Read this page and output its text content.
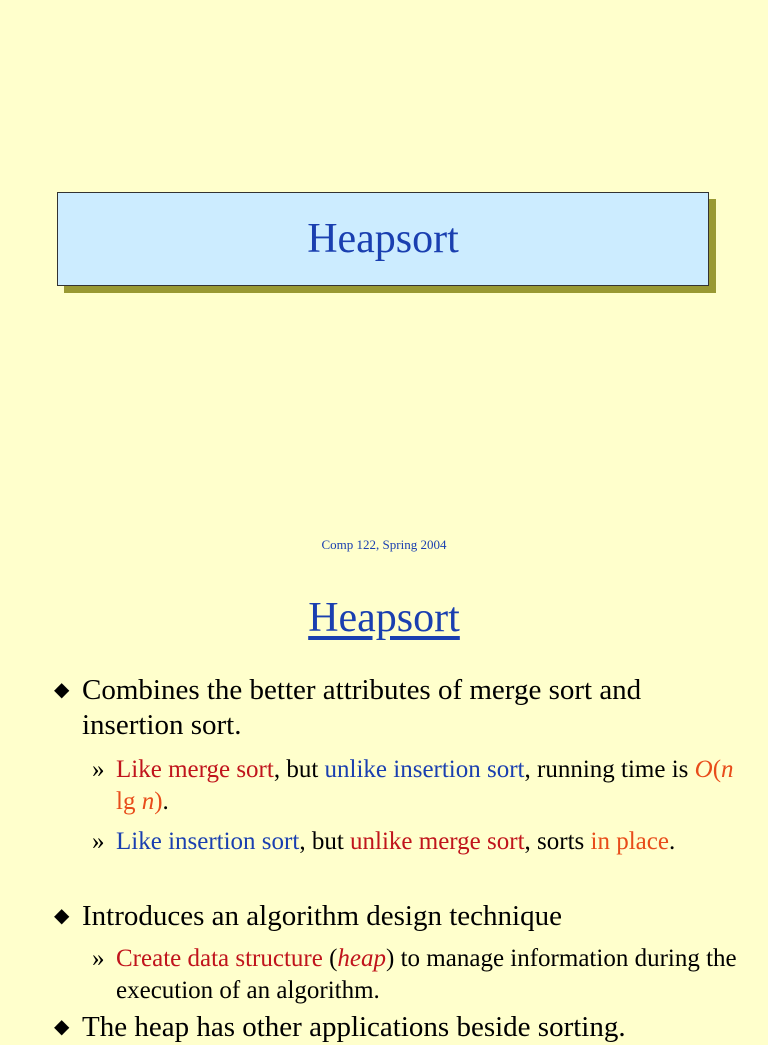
Heapsort
Comp 122, Spring 2004
Heapsort
◆ Combines the better attributes of merge sort and insertion sort.
» Like merge sort, but unlike insertion sort, running time is O(n lg n).
» Like insertion sort, but unlike merge sort, sorts in place.
◆ Introduces an algorithm design technique
» Create data structure (heap) to manage information during the execution of an algorithm.
◆ The heap has other applications beside sorting.
